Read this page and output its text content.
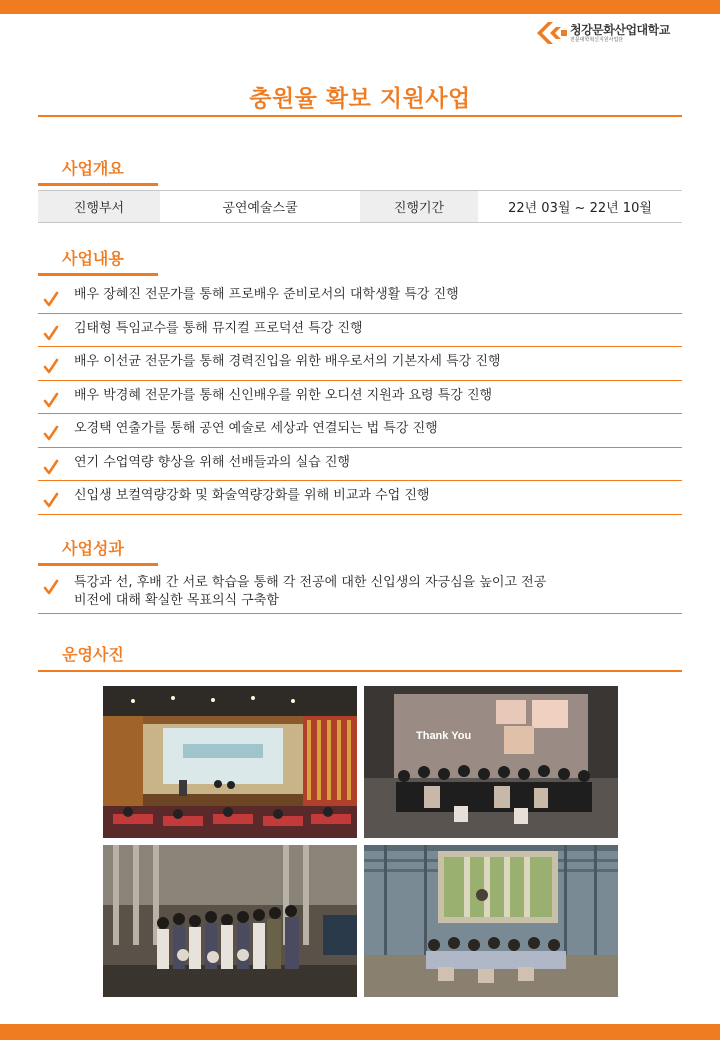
청강문화산업대학교
전문대학혁신지원사업단
충원율 확보 지원사업
사업개요
진행부서	공연예술스쿨	진행기간	22년 03월 ~ 22년 10월
사업내용
배우 장혜진 전문가를 통해 프로배우 준비로서의 대학생활 특강 진행
김태형 특임교수를 통해 뮤지컬 프로덕션 특강 진행
배우 이선균 전문가를 통해 경력진입을 위한 배우로서의 기본자세 특강 진행
배우 박경혜 전문가를 통해 신인배우를 위한 오디션 지원과 요령 특강 진행
오경택 연출가를 통해 공연 예술로 세상과 연결되는 법 특강 진행
연기 수업역량 향상을 위해 선배들과의 실습 진행
신입생 보컬역량강화 및 화술역량강화를 위해 비교과 수업 진행
사업성과
특강과 선, 후배 간 서로 학습을 통해 각 전공에 대한 신입생의 자긍심을 높이고 전공
비전에 대해 확실한 목표의식 구축함
운영사진
Thank You
